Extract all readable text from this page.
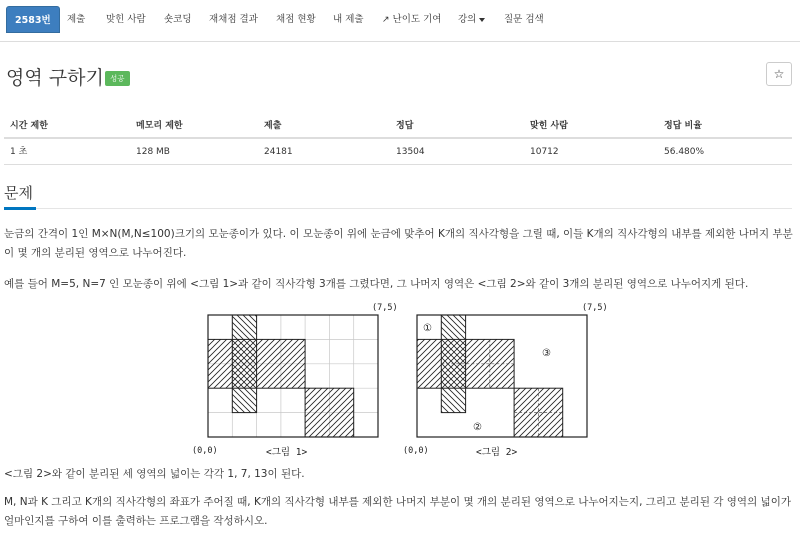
2583번	제출	맞힌 사람	숏코딩	재채점 결과	채점 현황	내 제출	↗ 난이도 기여	강의	질문 검색
영역 구하기 성공	☆
시간 제한	메모리 제한	제출	정답	맞힌 사람	정답 비율
1 초	128 MB	24181	13504	10712	56.480%
문제
눈금의 간격이 1인 M×N(M,N≤100)크기의 모눈종이가 있다. 이 모눈종이 위에 눈금에 맞추어 K개의 직사각형을 그릴 때, 이들 K개의 직사각형의 내부를 제외한 나머지 부분이 몇 개의 분리된 영역으로 나누어진다.
예를 들어 M=5, N=7 인 모눈종이 위에 <그림 1>과 같이 직사각형 3개를 그렸다면, 그 나머지 영역은 <그림 2>와 같이 3개의 분리된 영역으로 나누어지게 된다.
(0,0)
(7,5)
<그림 1>
①
②
③
(0,0)
(7,5)
<그림 2>
<그림 2>와 같이 분리된 세 영역의 넓이는 각각 1, 7, 13이 된다.
M, N과 K 그리고 K개의 직사각형의 좌표가 주어질 때, K개의 직사각형 내부를 제외한 나머지 부분이 몇 개의 분리된 영역으로 나누어지는지, 그리고 분리된 각 영역의 넓이가 얼마인지를 구하여 이를 출력하는 프로그램을 작성하시오.
